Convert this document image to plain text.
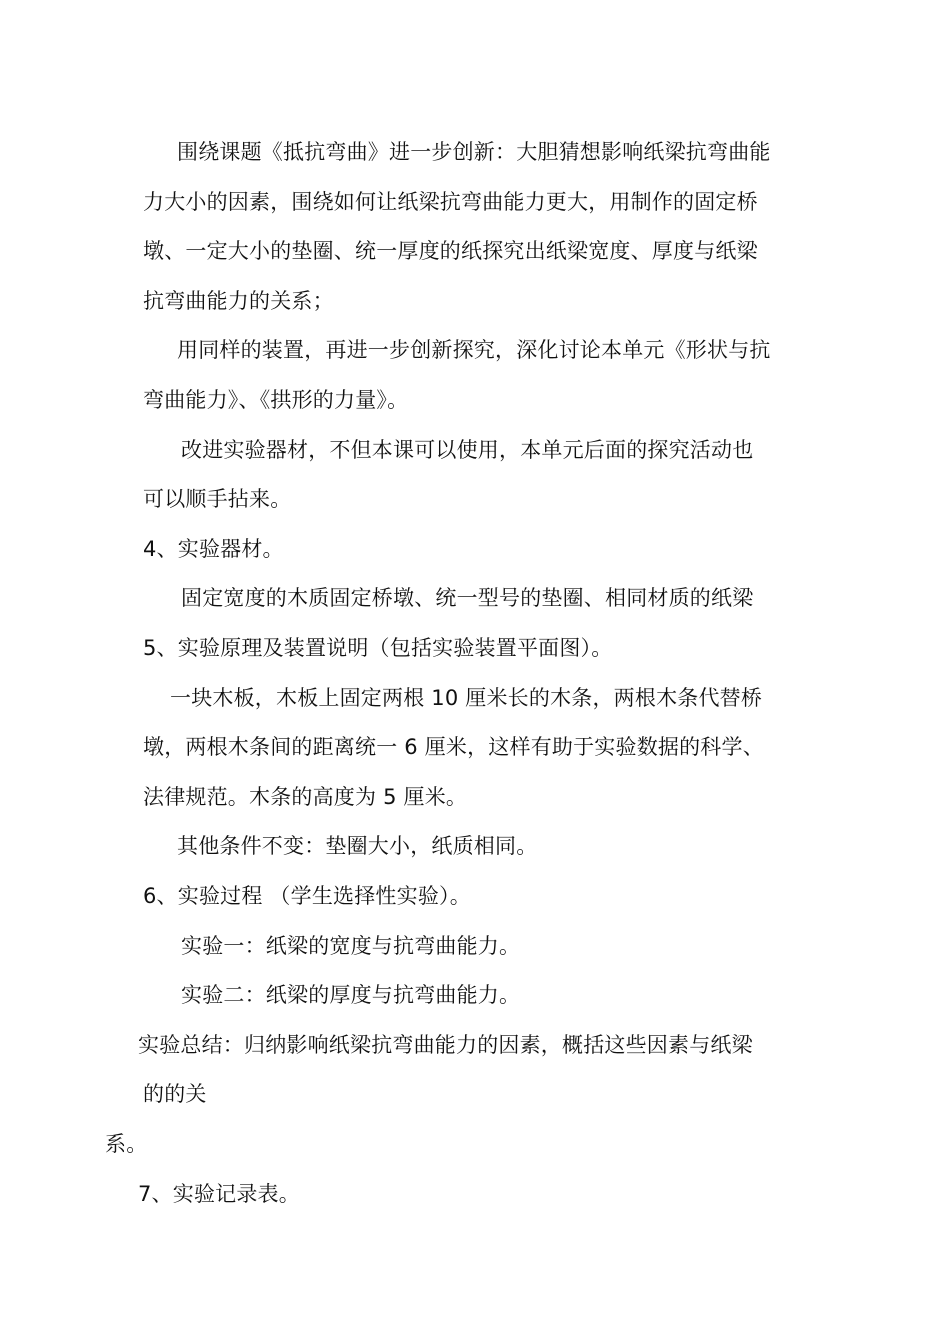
围绕课题《抵抗弯曲》进一步创新：大胆猜想影响纸梁抗弯曲能
力大小的因素，围绕如何让纸梁抗弯曲能力更大，用制作的固定桥
墩、一定大小的垫圈、统一厚度的纸探究出纸梁宽度、厚度与纸梁
抗弯曲能力的关系；
用同样的装置，再进一步创新探究，深化讨论本单元《形状与抗
弯曲能力》、《拱形的力量》。
改进实验器材，不但本课可以使用，本单元后面的探究活动也
可以顺手拈来。
4、实验器材。
固定宽度的木质固定桥墩、统一型号的垫圈、相同材质的纸梁
5、实验原理及装置说明（包括实验装置平面图）。
一块木板，木板上固定两根 10 厘米长的木条，两根木条代替桥
墩，两根木条间的距离统一 6 厘米，这样有助于实验数据的科学、
法律规范。木条的高度为 5 厘米。
其他条件不变：垫圈大小，纸质相同。
6、实验过程 （学生选择性实验）。
实验一：纸梁的宽度与抗弯曲能力。
实验二：纸梁的厚度与抗弯曲能力。
实验总结：归纳影响纸梁抗弯曲能力的因素，概括这些因素与纸梁
的的关
系。
7、实验记录表。
